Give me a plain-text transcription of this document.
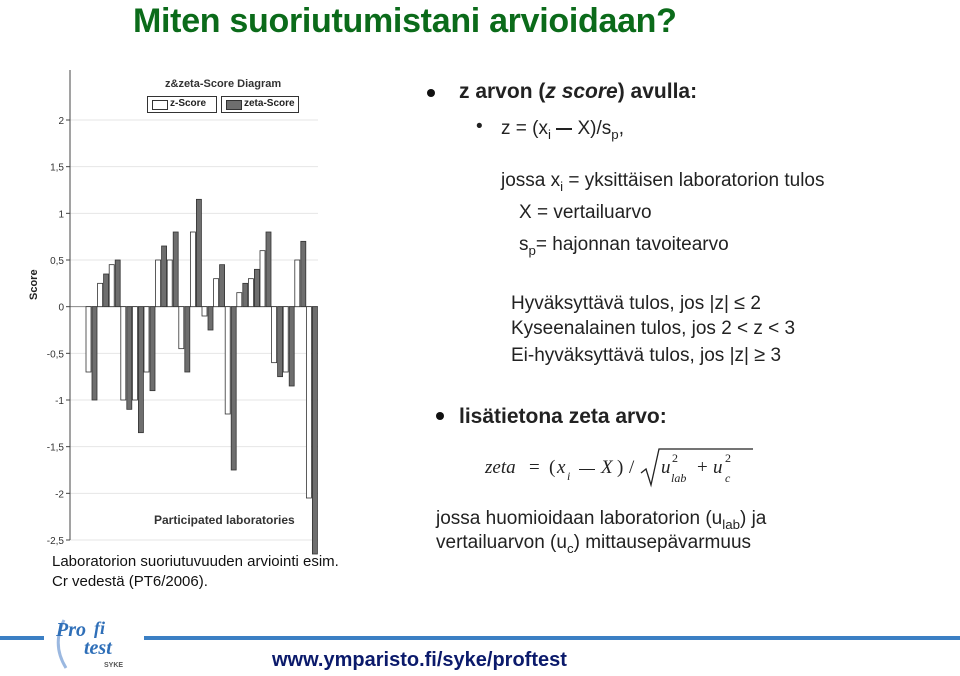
Miten suoriutumistani arvioidaan?
2
1,5
1
0,5
0
-0,5
-1
-1,5
-2
-2,5
z&zeta-Score Diagram
z-Score	zeta-Score
Score
Participated laboratories
Laboratorion suoriutuvuuden arviointi esim.
Cr vedestä (PT6/2006).
z arvon (z score) avulla:
• $z = (x_i$  $X)/s_p$,
jossa $x_i$ = yksittäisen laboratorion tulos
X = vertailuarvo
$s_p=$ hajonnan tavoitearvo
Hyväksyttävä tulos, jos |z| ≤ 2
Kyseenalainen tulos, jos 2 < z < 3
Ei-hyväksyttävä tulos, jos |z| ≥ 3
lisätietona zeta arvo:
zeta = ( x i X ) / u lab
2 + u c
2
jossa huomioidaan laboratorion $(u_{lab})$ ja
vertailuarvon $(u_c)$ mittausepävarmuus
Pro fi
test
SYKE	www.ymparisto.fi/syke/proftest
